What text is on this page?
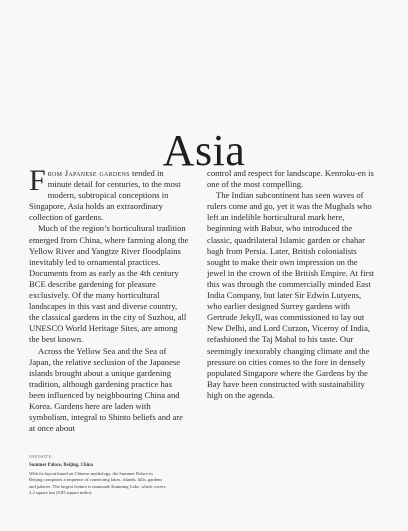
Asia

From Japanese gardens tended in minute detail for centuries, to the most modern, subtropical conceptions in Singapore, Asia holds an extraordinary collection of gardens.

Much of the region’s horticultural tradition emerged from China, where farming along the Yellow River and Yangtze River floodplains inevitably led to ornamental practices. Documents from as early as the 4th century BCE describe gardening for pleasure exclusively. Of the many horticultural landscapes in this vast and diverse country, the classical gardens in the city of Suzhou, all UNESCO World Heritage Sites, are among the best known.

Across the Yellow Sea and the Sea of Japan, the relative seclusion of the Japanese islands brought about a unique gardening tradition, although gardening practice has been influenced by neighbouring China and Korea. Gardens here are laden with symbolism, integral to Shinto beliefs and are at once about

control and respect for landscape. Kenroku-en is one of the most compelling.

The Indian subcontinent has seen waves of rulers come and go, yet it was the Mughals who left an indelible horticultural mark here, beginning with Babur, who introduced the classic, quadrilateral Islamic garden or chahar bagh from Persia. Later, British colonialists sought to make their own impression on the jewel in the crown of the British Empire. At first this was through the commercially minded East India Company, but later Sir Edwin Lutyens, who earlier designed Surrey gardens with Gertrude Jekyll, was commissioned to lay out New Delhi, and Lord Curzon, Viceroy of India, refashioned the Taj Mahal to his taste. Our seemingly inexorably changing climate and the pressure on cities comes to the fore in densely populated Singapore where the Gardens by the Bay have been constructed with sustainability high on the agenda.

OPPOSITE:
Summer Palace, Beijing, China
With its layout based on Chinese mythology, the Summer Palace in Beijing comprises a sequence of connecting lakes, islands, hills, gardens and palaces. The largest feature is manmade Kunming Lake, which covers 2.2 square km (0.85 square miles).
